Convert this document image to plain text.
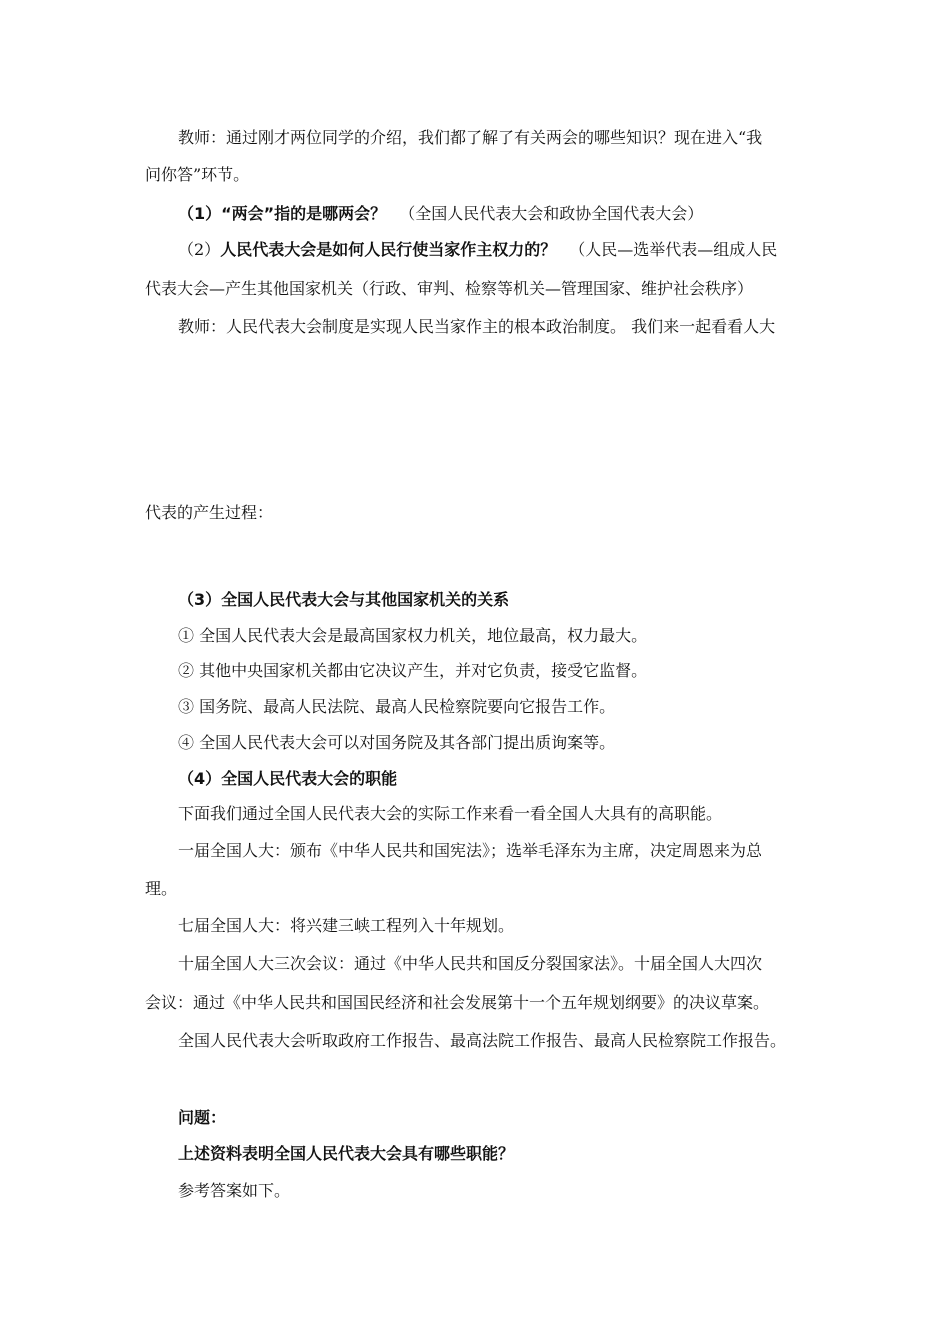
教师：通过刚才两位同学的介绍，我们都了解了有关两会的哪些知识？现在进入“我

问你答”环节。

（1）“两会”指的是哪两会？ （全国人民代表大会和政协全国代表大会）

（2）人民代表大会是如何人民行使当家作主权力的？ （人民—选举代表—组成人民

代表大会—产生其他国家机关（行政、审判、检察等机关—管理国家、维护社会秩序）

教师：人民代表大会制度是实现人民当家作主的根本政治制度。 我们来一起看看人大

代表的产生过程：

（3）全国人民代表大会与其他国家机关的关系

① 全国人民代表大会是最高国家权力机关，地位最高，权力最大。

② 其他中央国家机关都由它决议产生，并对它负责，接受它监督。

③ 国务院、最高人民法院、最高人民检察院要向它报告工作。

④ 全国人民代表大会可以对国务院及其各部门提出质询案等。

（4）全国人民代表大会的职能

下面我们通过全国人民代表大会的实际工作来看一看全国人大具有的高职能。

一届全国人大：颁布《中华人民共和国宪法》；选举毛泽东为主席，决定周恩来为总

理。

七届全国人大：将兴建三峡工程列入十年规划。

十届全国人大三次会议：通过《中华人民共和国反分裂国家法》。十届全国人大四次

会议：通过《中华人民共和国国民经济和社会发展第十一个五年规划纲要》的决议草案。

全国人民代表大会听取政府工作报告、最高法院工作报告、最高人民检察院工作报告。

问题：

上述资料表明全国人民代表大会具有哪些职能？

参考答案如下。
